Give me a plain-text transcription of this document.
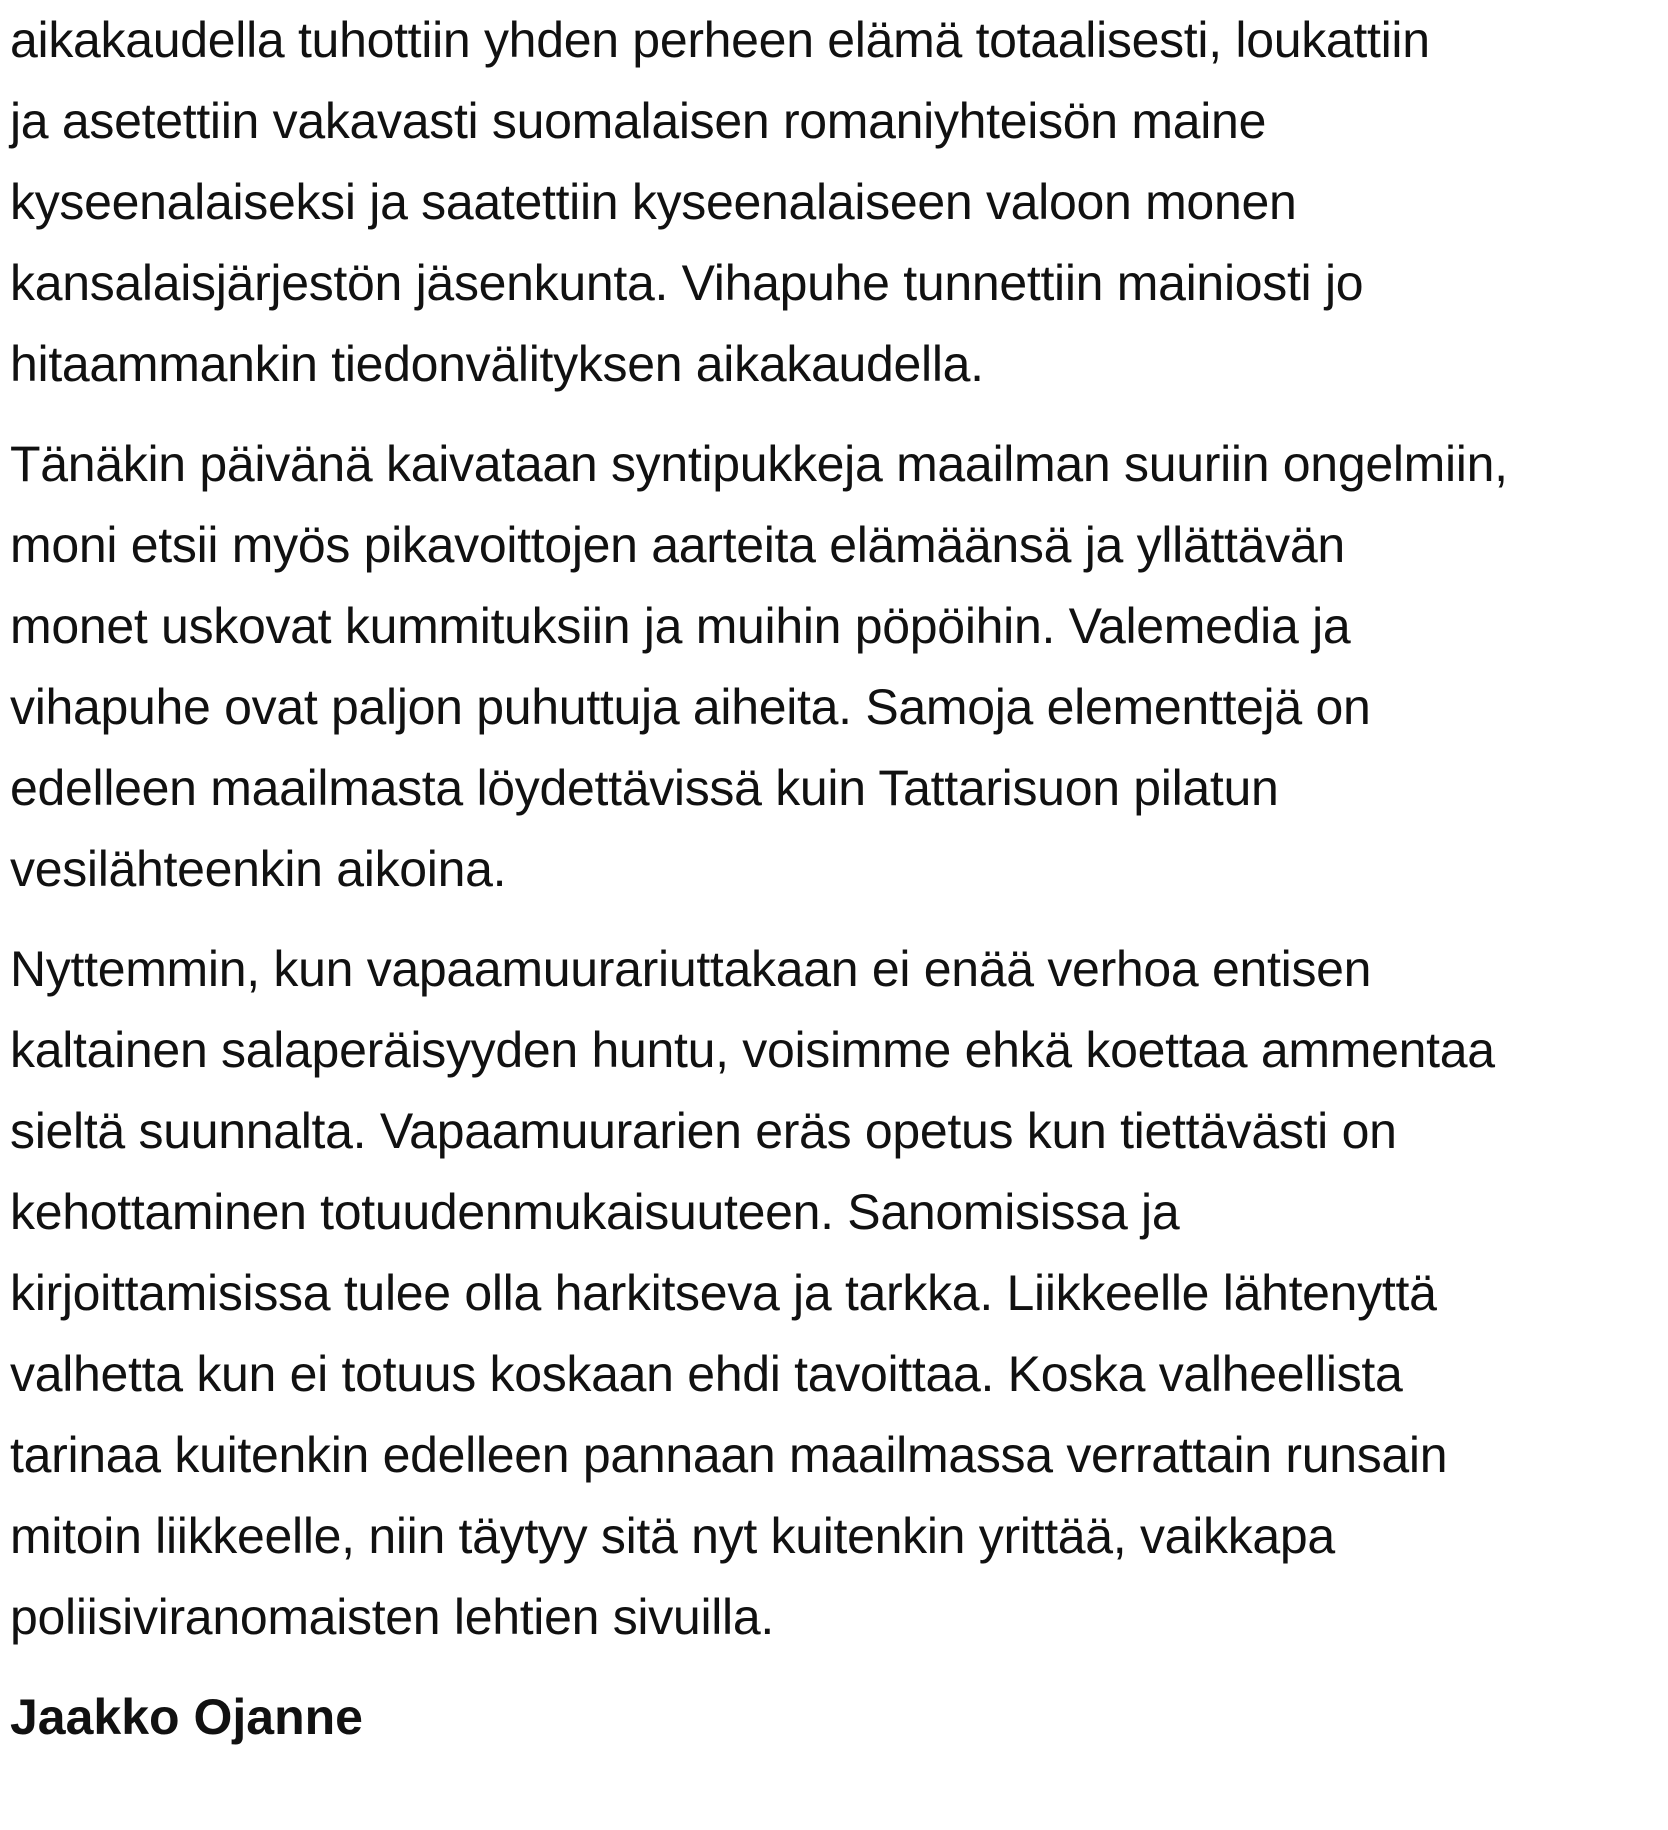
aikakaudella tuhottiin yhden perheen elämä totaalisesti, loukattiin
ja asetettiin vakavasti suomalaisen romaniyhteisön maine
kyseenalaiseksi ja saatettiin kyseenalaiseen valoon monen
kansalaisjärjestön jäsenkunta. Vihapuhe tunnettiin mainiosti jo
hitaammankin tiedonvälityksen aikakaudella.
Tänäkin päivänä kaivataan syntipukkeja maailman suuriin ongelmiin,
moni etsii myös pikavoittojen aarteita elämäänsä ja yllättävän
monet uskovat kummituksiin ja muihin pöpöihin. Valemedia ja
vihapuhe ovat paljon puhuttuja aiheita. Samoja elementtejä on
edelleen maailmasta löydettävissä kuin Tattarisuon pilatun
vesilähteenkin aikoina.
Nyttemmin, kun vapaamuurariuttakaan ei enää verhoa entisen
kaltainen salaperäisyyden huntu, voisimme ehkä koettaa ammentaa
sieltä suunnalta. Vapaamuurarien eräs opetus kun tiettävästi on
kehottaminen totuudenmukaisuuteen. Sanomisissa ja
kirjoittamisissa tulee olla harkitseva ja tarkka. Liikkeelle lähtenyttä
valhetta kun ei totuus koskaan ehdi tavoittaa. Koska valheellista
tarinaa kuitenkin edelleen pannaan maailmassa verrattain runsain
mitoin liikkeelle, niin täytyy sitä nyt kuitenkin yrittää, vaikkapa
poliisiviranomaisten lehtien sivuilla.
Jaakko Ojanne
